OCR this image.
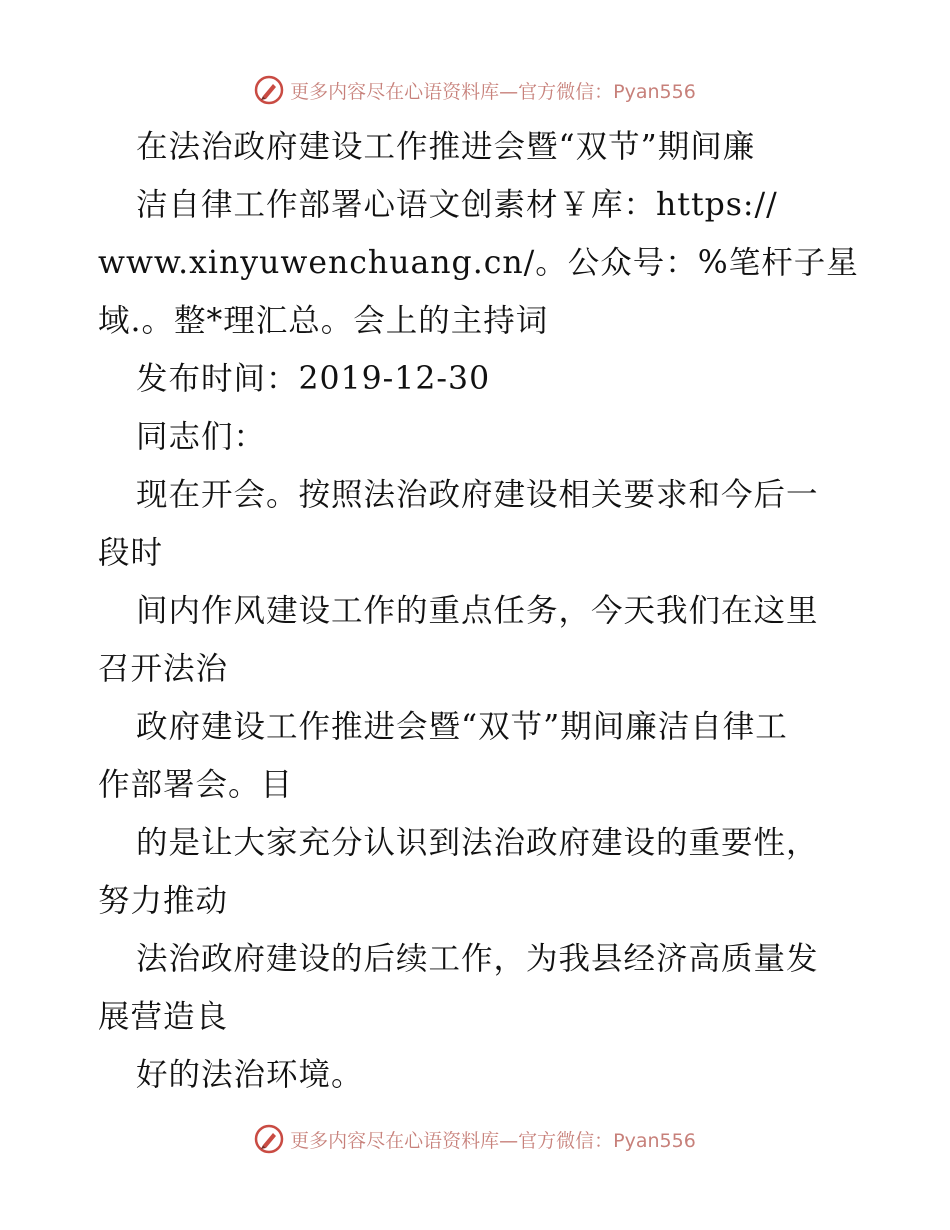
更多内容尽在心语资料库—官方微信：Pyan556
在法治政府建设工作推进会暨“双节”期间廉
洁自律工作部署心语文创素材￥库：https://
www.xinyuwenchuang.cn/。公众号：%笔杆子星
域.。整*理汇总。会上的主持词
发布时间：2019-12-30
同志们：
现在开会。按照法治政府建设相关要求和今后一
段时
间内作风建设工作的重点任务，今天我们在这里
召开法治
政府建设工作推进会暨“双节”期间廉洁自律工
作部署会。目
的是让大家充分认识到法治政府建设的重要性，
努力推动
法治政府建设的后续工作，为我县经济高质量发
展营造良
好的法治环境。
更多内容尽在心语资料库—官方微信：Pyan556
